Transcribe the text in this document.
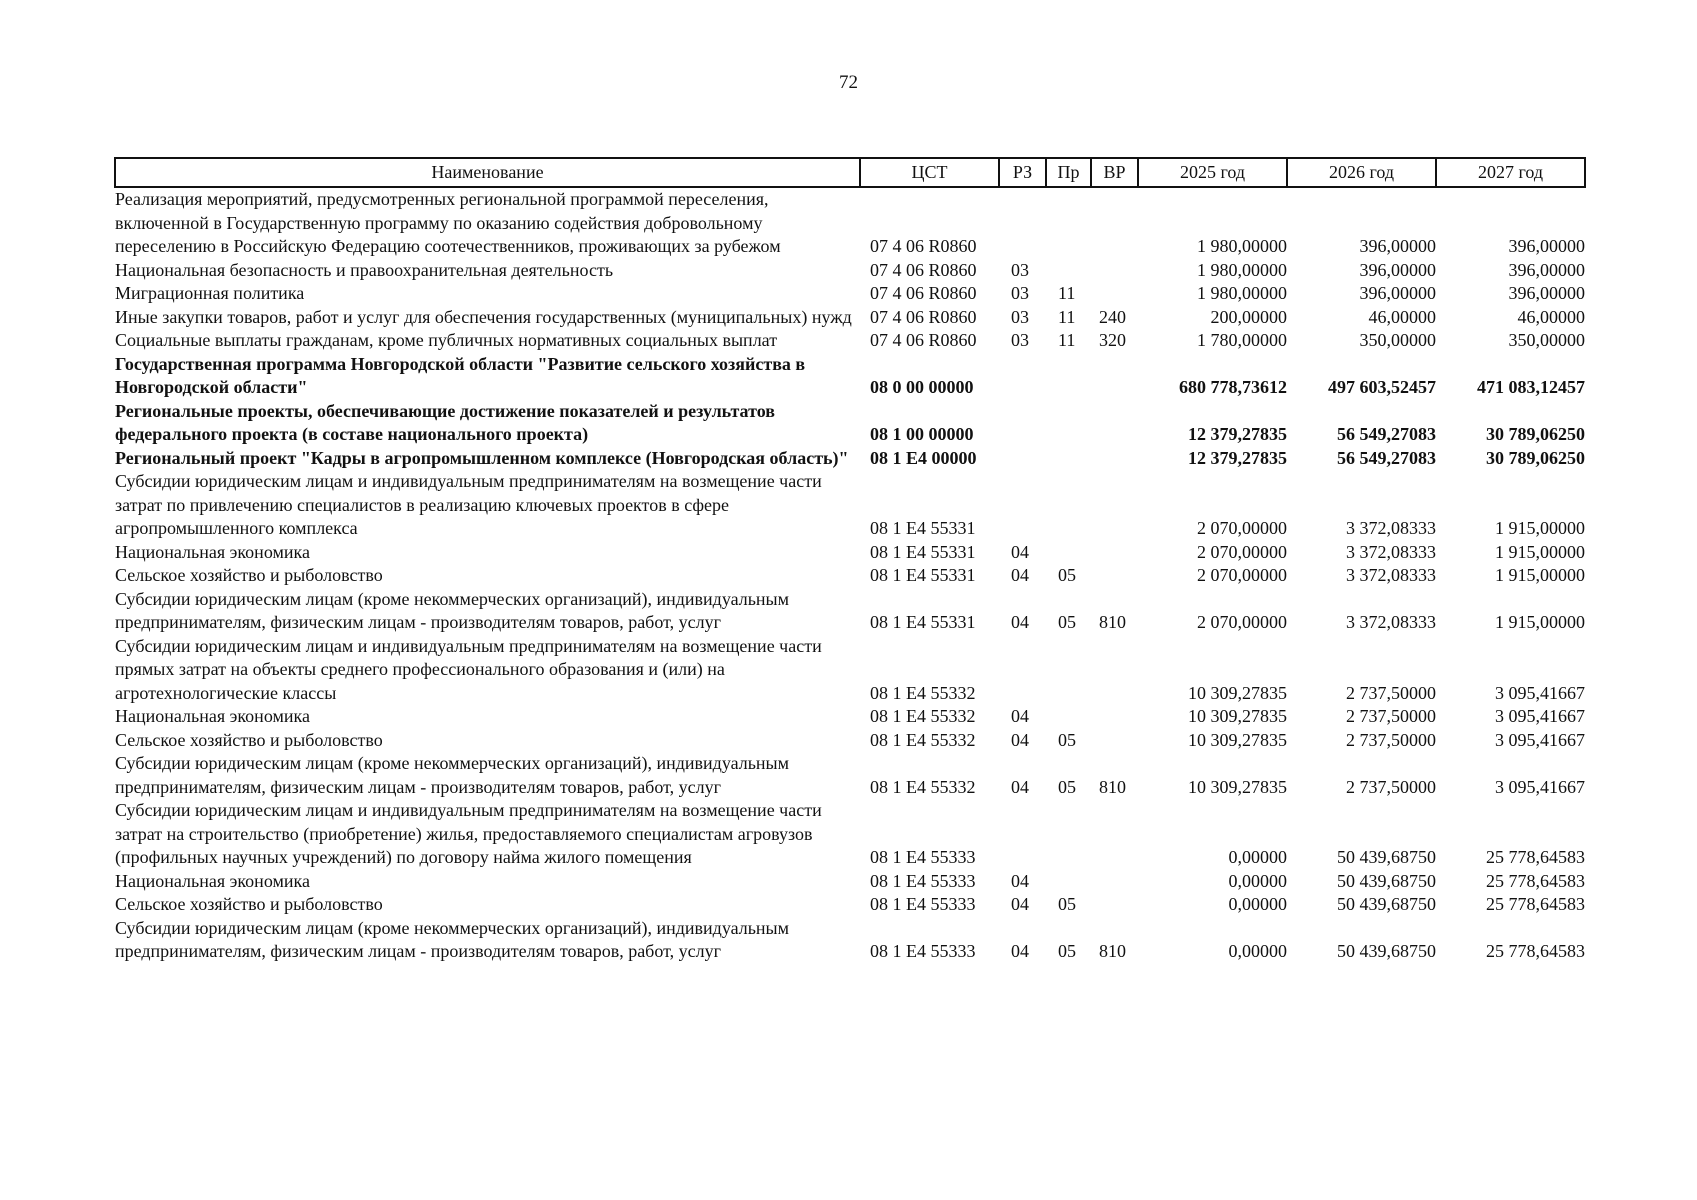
72
Наименование	ЦСТ	РЗ	Пр	ВР	2025 год	2026 год	2027 год
Реализация мероприятий, предусмотренных региональной программой переселения, включенной в Государственную программу по оказанию содействия добровольному переселению в Российскую Федерацию соотечественников, проживающих за рубежом	07 4 06 R0860				1 980,00000	396,00000	396,00000
Национальная безопасность и правоохранительная деятельность	07 4 06 R0860	03			1 980,00000	396,00000	396,00000
Миграционная политика	07 4 06 R0860	03	11		1 980,00000	396,00000	396,00000
Иные закупки товаров, работ и услуг для обеспечения государственных (муниципальных) нужд	07 4 06 R0860	03	11	240	200,00000	46,00000	46,00000
Социальные выплаты гражданам, кроме публичных нормативных социальных выплат	07 4 06 R0860	03	11	320	1 780,00000	350,00000	350,00000
Государственная программа Новгородской области "Развитие сельского хозяйства в Новгородской области"	08 0 00 00000				680 778,73612	497 603,52457	471 083,12457
Региональные проекты, обеспечивающие достижение показателей и результатов федерального проекта (в составе национального проекта)	08 1 00 00000				12 379,27835	56 549,27083	30 789,06250
Региональный проект "Кадры в агропромышленном комплексе (Новгородская область)"	08 1 E4 00000				12 379,27835	56 549,27083	30 789,06250
Субсидии юридическим лицам и индивидуальным предпринимателям на возмещение части затрат по привлечению специалистов в реализацию ключевых проектов в сфере агропромышленного комплекса	08 1 E4 55331				2 070,00000	3 372,08333	1 915,00000
Национальная экономика	08 1 E4 55331	04			2 070,00000	3 372,08333	1 915,00000
Сельское хозяйство и рыболовство	08 1 E4 55331	04	05		2 070,00000	3 372,08333	1 915,00000
Субсидии юридическим лицам (кроме некоммерческих организаций), индивидуальным предпринимателям, физическим лицам - производителям товаров, работ, услуг	08 1 E4 55331	04	05	810	2 070,00000	3 372,08333	1 915,00000
Субсидии юридическим лицам и индивидуальным предпринимателям на возмещение части прямых затрат на объекты среднего профессионального образования и (или) на агротехнологические классы	08 1 E4 55332				10 309,27835	2 737,50000	3 095,41667
Национальная экономика	08 1 E4 55332	04			10 309,27835	2 737,50000	3 095,41667
Сельское хозяйство и рыболовство	08 1 E4 55332	04	05		10 309,27835	2 737,50000	3 095,41667
Субсидии юридическим лицам (кроме некоммерческих организаций), индивидуальным предпринимателям, физическим лицам - производителям товаров, работ, услуг	08 1 E4 55332	04	05	810	10 309,27835	2 737,50000	3 095,41667
Субсидии юридическим лицам и индивидуальным предпринимателям на возмещение части затрат на строительство (приобретение) жилья, предоставляемого специалистам агровузов (профильных научных учреждений) по договору найма жилого помещения	08 1 E4 55333				0,00000	50 439,68750	25 778,64583
Национальная экономика	08 1 E4 55333	04			0,00000	50 439,68750	25 778,64583
Сельское хозяйство и рыболовство	08 1 E4 55333	04	05		0,00000	50 439,68750	25 778,64583
Субсидии юридическим лицам (кроме некоммерческих организаций), индивидуальным предпринимателям, физическим лицам - производителям товаров, работ, услуг	08 1 E4 55333	04	05	810	0,00000	50 439,68750	25 778,64583
